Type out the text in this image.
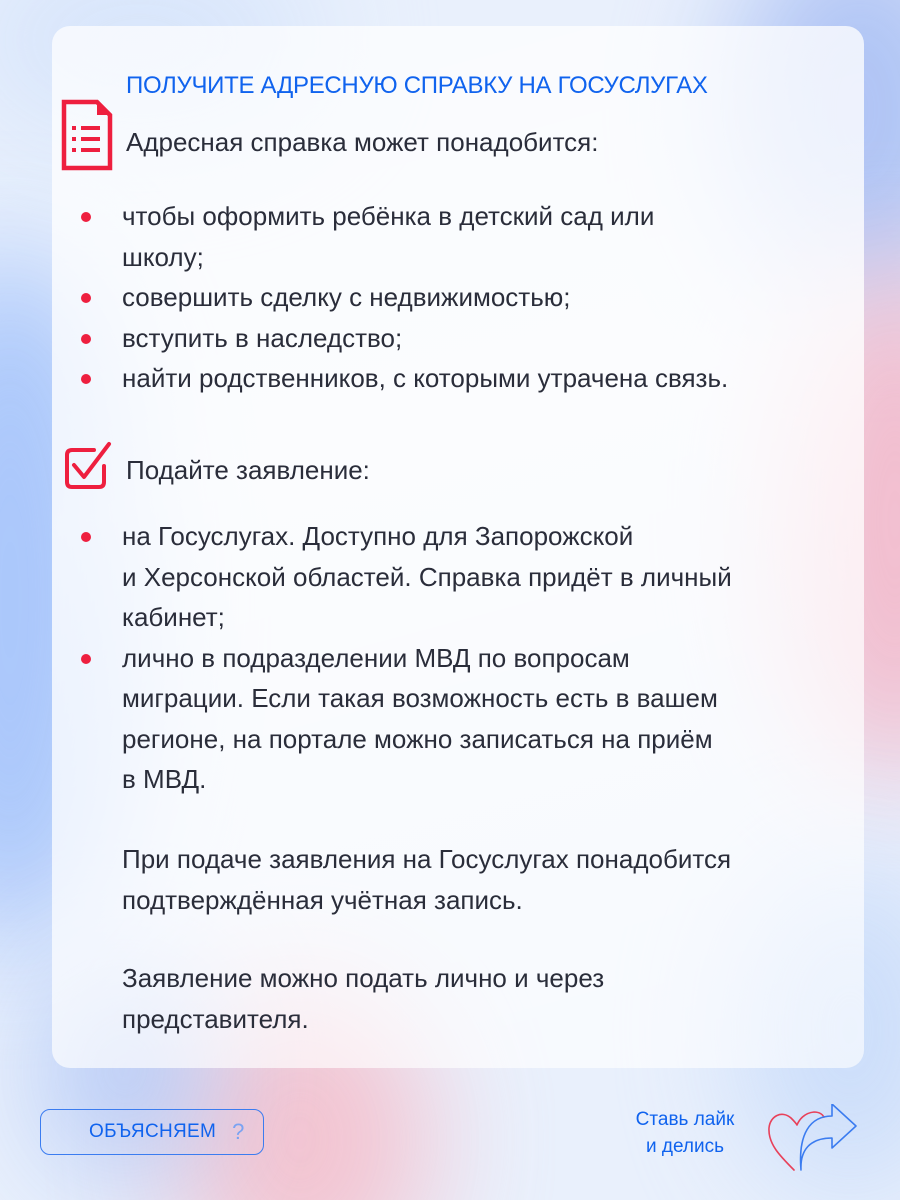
ПОЛУЧИТЕ АДРЕСНУЮ СПРАВКУ НА ГОСУСЛУГАХ
Адресная справка может понадобится:
чтобы оформить ребёнка в детский сад или
школу;
совершить сделку с недвижимостью;
вступить в наследство;
найти родственников, с которыми утрачена связь.
Подайте заявление:
на Госуслугах. Доступно для Запорожской
и Херсонской областей. Справка придёт в личный
кабинет;
лично в подразделении МВД по вопросам
миграции. Если такая возможность есть в вашем
регионе, на портале можно записаться на приём
в МВД.
При подаче заявления на Госуслугах понадобится
подтверждённая учётная запись.
Заявление можно подать лично и через
представителя.
ОБЪЯСНЯЕМ ?	Ставь лайк
и делись
